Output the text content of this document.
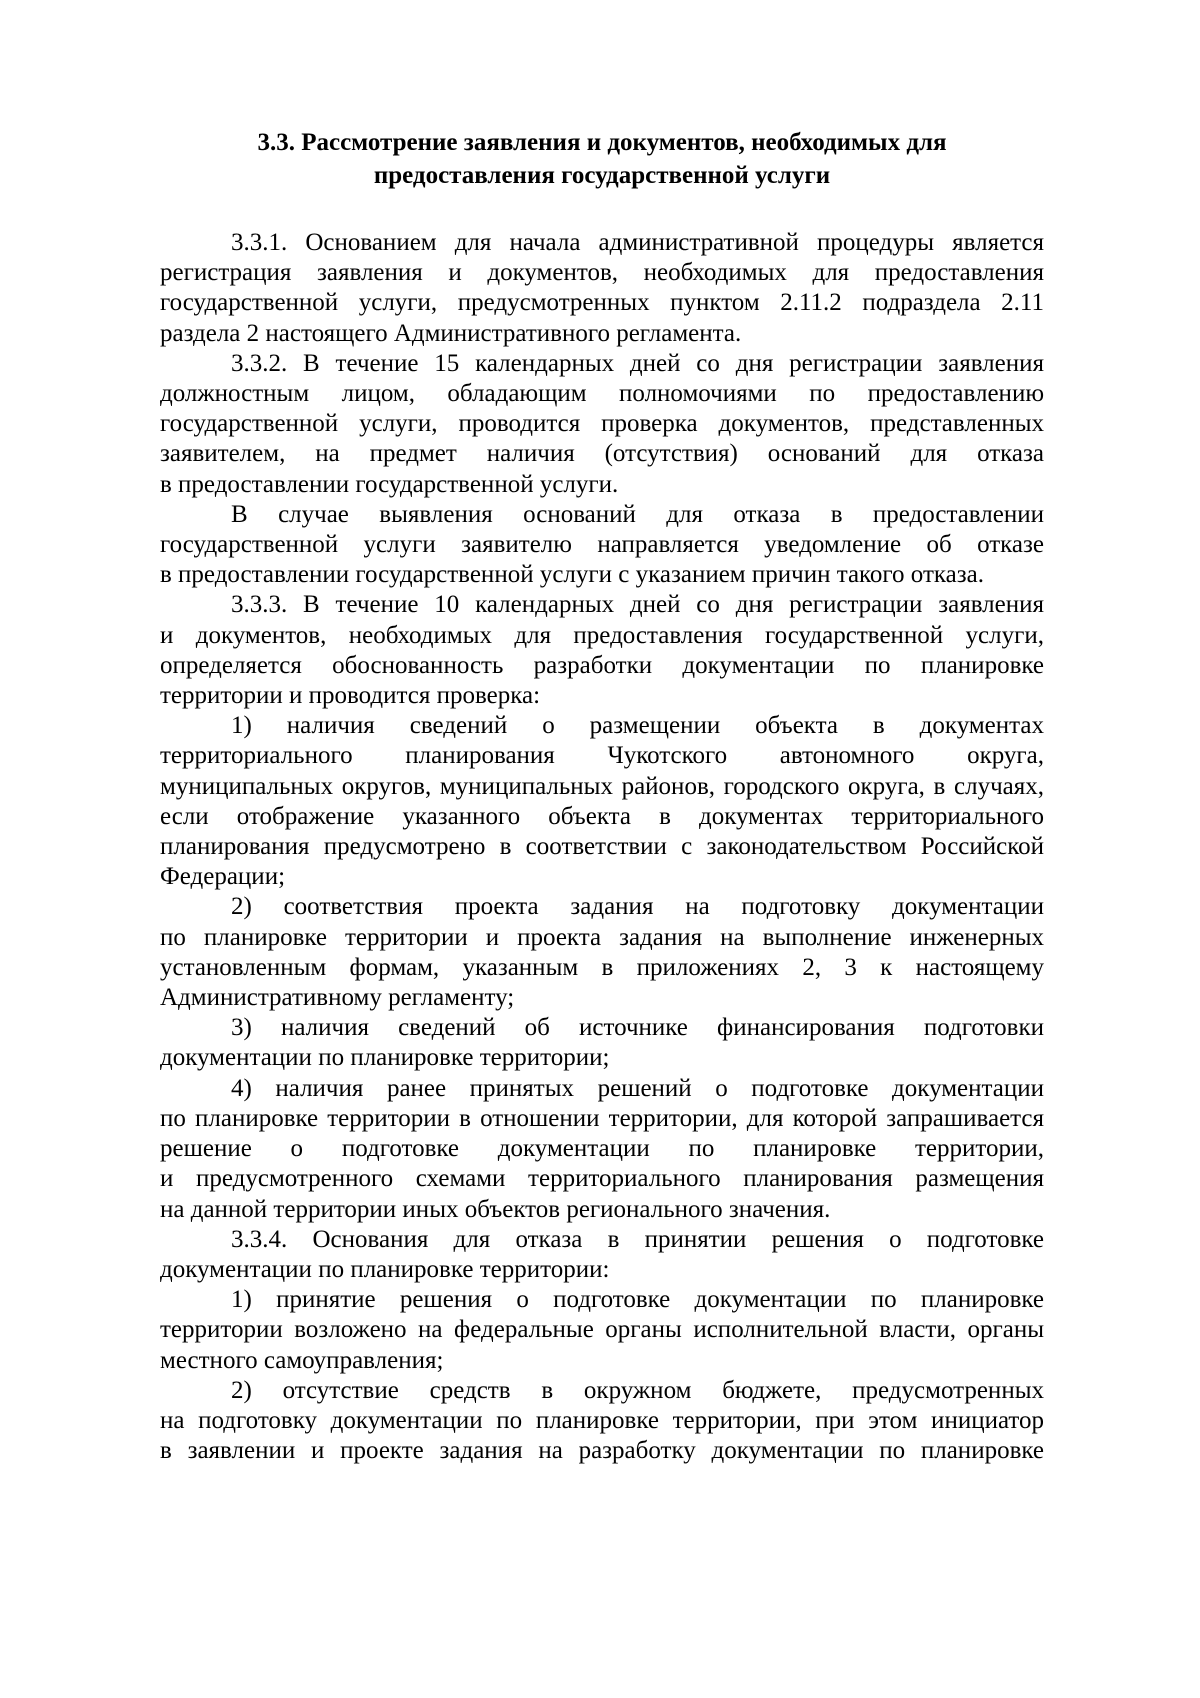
3.3. Рассмотрение заявления и документов, необходимых для
предоставления государственной услуги
3.3.1. Основанием для начала административной процедуры является
регистрация заявления и документов, необходимых для предоставления
государственной услуги, предусмотренных пунктом 2.11.2 подраздела 2.11
раздела 2 настоящего Административного регламента.
3.3.2. В течение 15 календарных дней со дня регистрации заявления
должностным лицом, обладающим полномочиями по предоставлению
государственной услуги, проводится проверка документов, представленных
заявителем, на предмет наличия (отсутствия) оснований для отказа
в предоставлении государственной услуги.
В случае выявления оснований для отказа в предоставлении
государственной услуги заявителю направляется уведомление об отказе
в предоставлении государственной услуги с указанием причин такого отказа.
3.3.3. В течение 10 календарных дней со дня регистрации заявления
и документов, необходимых для предоставления государственной услуги,
определяется обоснованность разработки документации по планировке
территории и проводится проверка:
1) наличия сведений о размещении объекта в документах
территориального планирования Чукотского автономного округа,
муниципальных округов, муниципальных районов, городского округа, в случаях,
если отображение указанного объекта в документах территориального
планирования предусмотрено в соответствии с законодательством Российской
Федерации;
2) соответствия проекта задания на подготовку документации
по планировке территории и проекта задания на выполнение инженерных
установленным формам, указанным в приложениях 2, 3 к настоящему
Административному регламенту;
3) наличия сведений об источнике финансирования подготовки
документации по планировке территории;
4) наличия ранее принятых решений о подготовке документации
по планировке территории в отношении территории, для которой запрашивается
решение о подготовке документации по планировке территории,
и предусмотренного схемами территориального планирования размещения
на данной территории иных объектов регионального значения.
3.3.4. Основания для отказа в принятии решения о подготовке
документации по планировке территории:
1) принятие решения о подготовке документации по планировке
территории возложено на федеральные органы исполнительной власти, органы
местного самоуправления;
2) отсутствие средств в окружном бюджете, предусмотренных
на подготовку документации по планировке территории, при этом инициатор
в заявлении и проекте задания на разработку документации по планировке
